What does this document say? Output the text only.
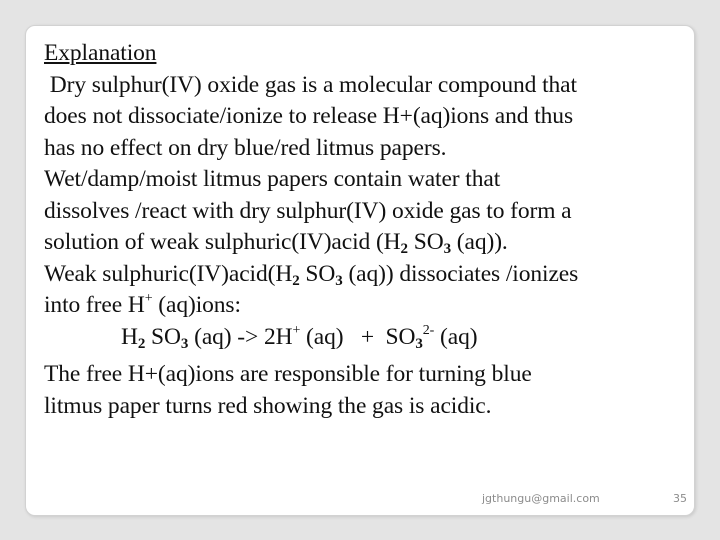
Explanation
Dry sulphur(IV) oxide gas is a molecular compound that
does not dissociate/ionize to release H+(aq)ions and thus
has no effect on dry blue/red litmus papers.
Wet/damp/moist litmus papers contain water that
dissolves /react with dry sulphur(IV) oxide gas to form a
solution of weak sulphuric(IV)acid ($H_2$ $SO_3$ (aq)).
Weak $sulphuric(IV)acid(H_2$ $SO_3$ (aq)) dissociates /ionizes
into free H+ (aq)ions:
$H_2$ $SO_3$ (aq) -> 2H+ $(aq) + SO_3^{2-}$ (aq)
The free H+(aq)ions are responsible for turning blue
litmus paper turns red showing the gas is acidic.
jgthungu@gmail.com	35
